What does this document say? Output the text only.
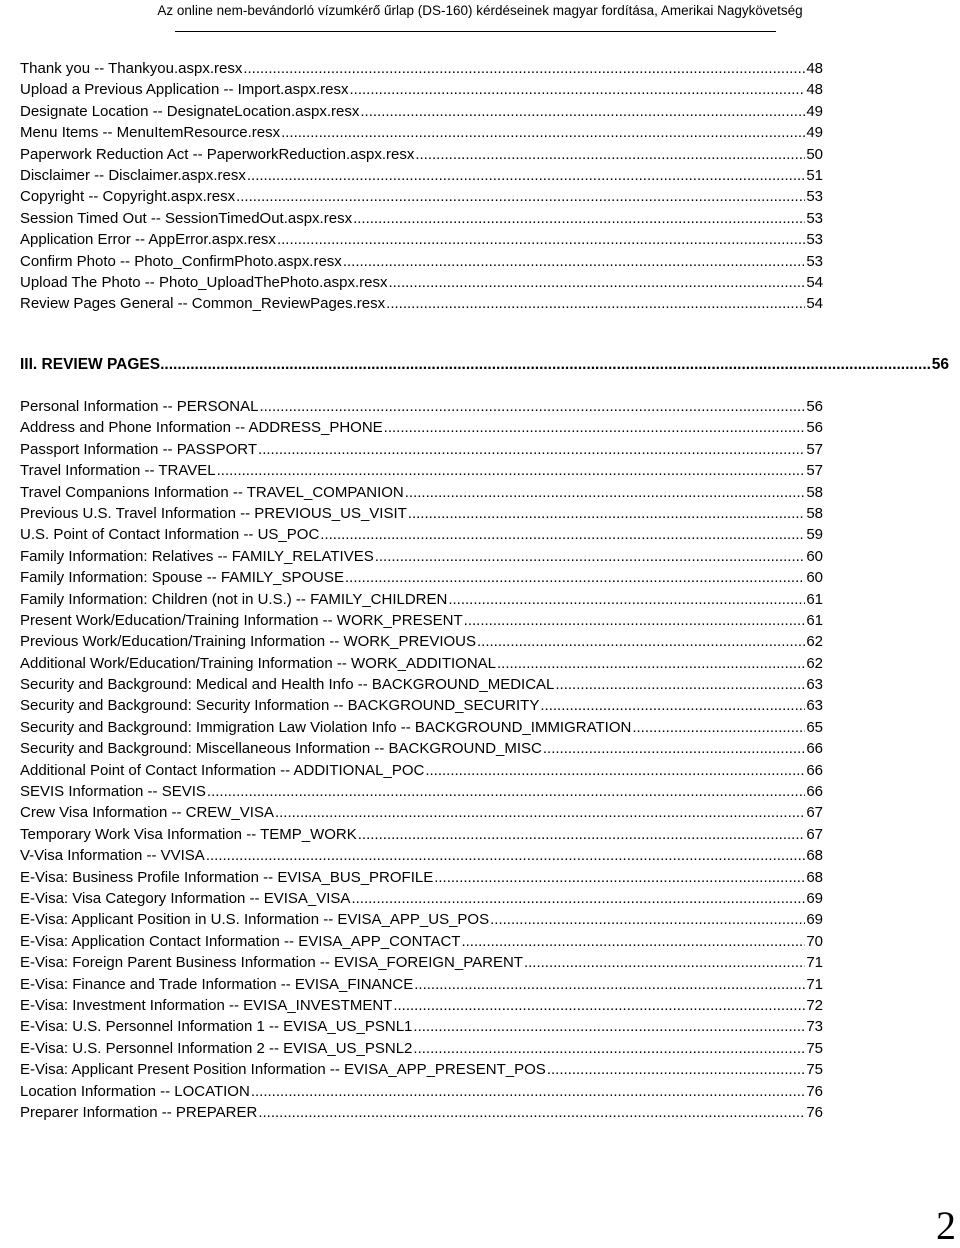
Az online nem-bevándorló vízumkérő űrlap (DS-160) kérdéseinek magyar fordítása, Amerikai Nagykövetség
Thank you -- Thankyou.aspx.resx .....	48
Upload a Previous Application -- Import.aspx.resx .....	48
Designate Location -- DesignateLocation.aspx.resx .....	49
Menu Items -- MenuItemResource.resx .....	49
Paperwork Reduction Act -- PaperworkReduction.aspx.resx .....	50
Disclaimer -- Disclaimer.aspx.resx .....	51
Copyright -- Copyright.aspx.resx .....	53
Session Timed Out -- SessionTimedOut.aspx.resx .....	53
Application Error -- AppError.aspx.resx .....	53
Confirm Photo -- Photo_ConfirmPhoto.aspx.resx .....	53
Upload The Photo -- Photo_UploadThePhoto.aspx.resx .....	54
Review Pages General -- Common_ReviewPages.resx .....	54
III. REVIEW PAGES .....	56
Personal Information -- PERSONAL .....	56
Address and Phone Information -- ADDRESS_PHONE .....	56
Passport Information -- PASSPORT .....	57
Travel Information -- TRAVEL .....	57
Travel Companions Information -- TRAVEL_COMPANION .....	58
Previous U.S. Travel Information -- PREVIOUS_US_VISIT .....	58
U.S. Point of Contact Information -- US_POC .....	59
Family Information: Relatives -- FAMILY_RELATIVES .....	60
Family Information: Spouse -- FAMILY_SPOUSE .....	60
Family Information: Children (not in U.S.) -- FAMILY_CHILDREN .....	61
Present Work/Education/Training Information -- WORK_PRESENT .....	61
Previous Work/Education/Training Information -- WORK_PREVIOUS .....	62
Additional Work/Education/Training Information -- WORK_ADDITIONAL .....	62
Security and Background: Medical and Health Info -- BACKGROUND_MEDICAL .....	63
Security and Background: Security Information -- BACKGROUND_SECURITY .....	63
Security and Background: Immigration Law Violation Info -- BACKGROUND_IMMIGRATION .....	65
Security and Background: Miscellaneous Information -- BACKGROUND_MISC .....	66
Additional Point of Contact Information -- ADDITIONAL_POC .....	66
SEVIS Information -- SEVIS .....	66
Crew Visa Information -- CREW_VISA .....	67
Temporary Work Visa Information -- TEMP_WORK .....	67
V-Visa Information -- VVISA .....	68
E-Visa: Business Profile Information -- EVISA_BUS_PROFILE .....	68
E-Visa: Visa Category Information -- EVISA_VISA .....	69
E-Visa: Applicant Position in U.S. Information -- EVISA_APP_US_POS .....	69
E-Visa: Application Contact Information -- EVISA_APP_CONTACT .....	70
E-Visa: Foreign Parent Business Information -- EVISA_FOREIGN_PARENT .....	71
E-Visa: Finance and Trade Information -- EVISA_FINANCE .....	71
E-Visa: Investment Information -- EVISA_INVESTMENT .....	72
E-Visa: U.S. Personnel Information 1 -- EVISA_US_PSNL1 .....	73
E-Visa: U.S. Personnel Information 2 -- EVISA_US_PSNL2 .....	75
E-Visa: Applicant Present Position Information -- EVISA_APP_PRESENT_POS .....	75
Location Information -- LOCATION .....	76
Preparer Information -- PREPARER .....	76
2
